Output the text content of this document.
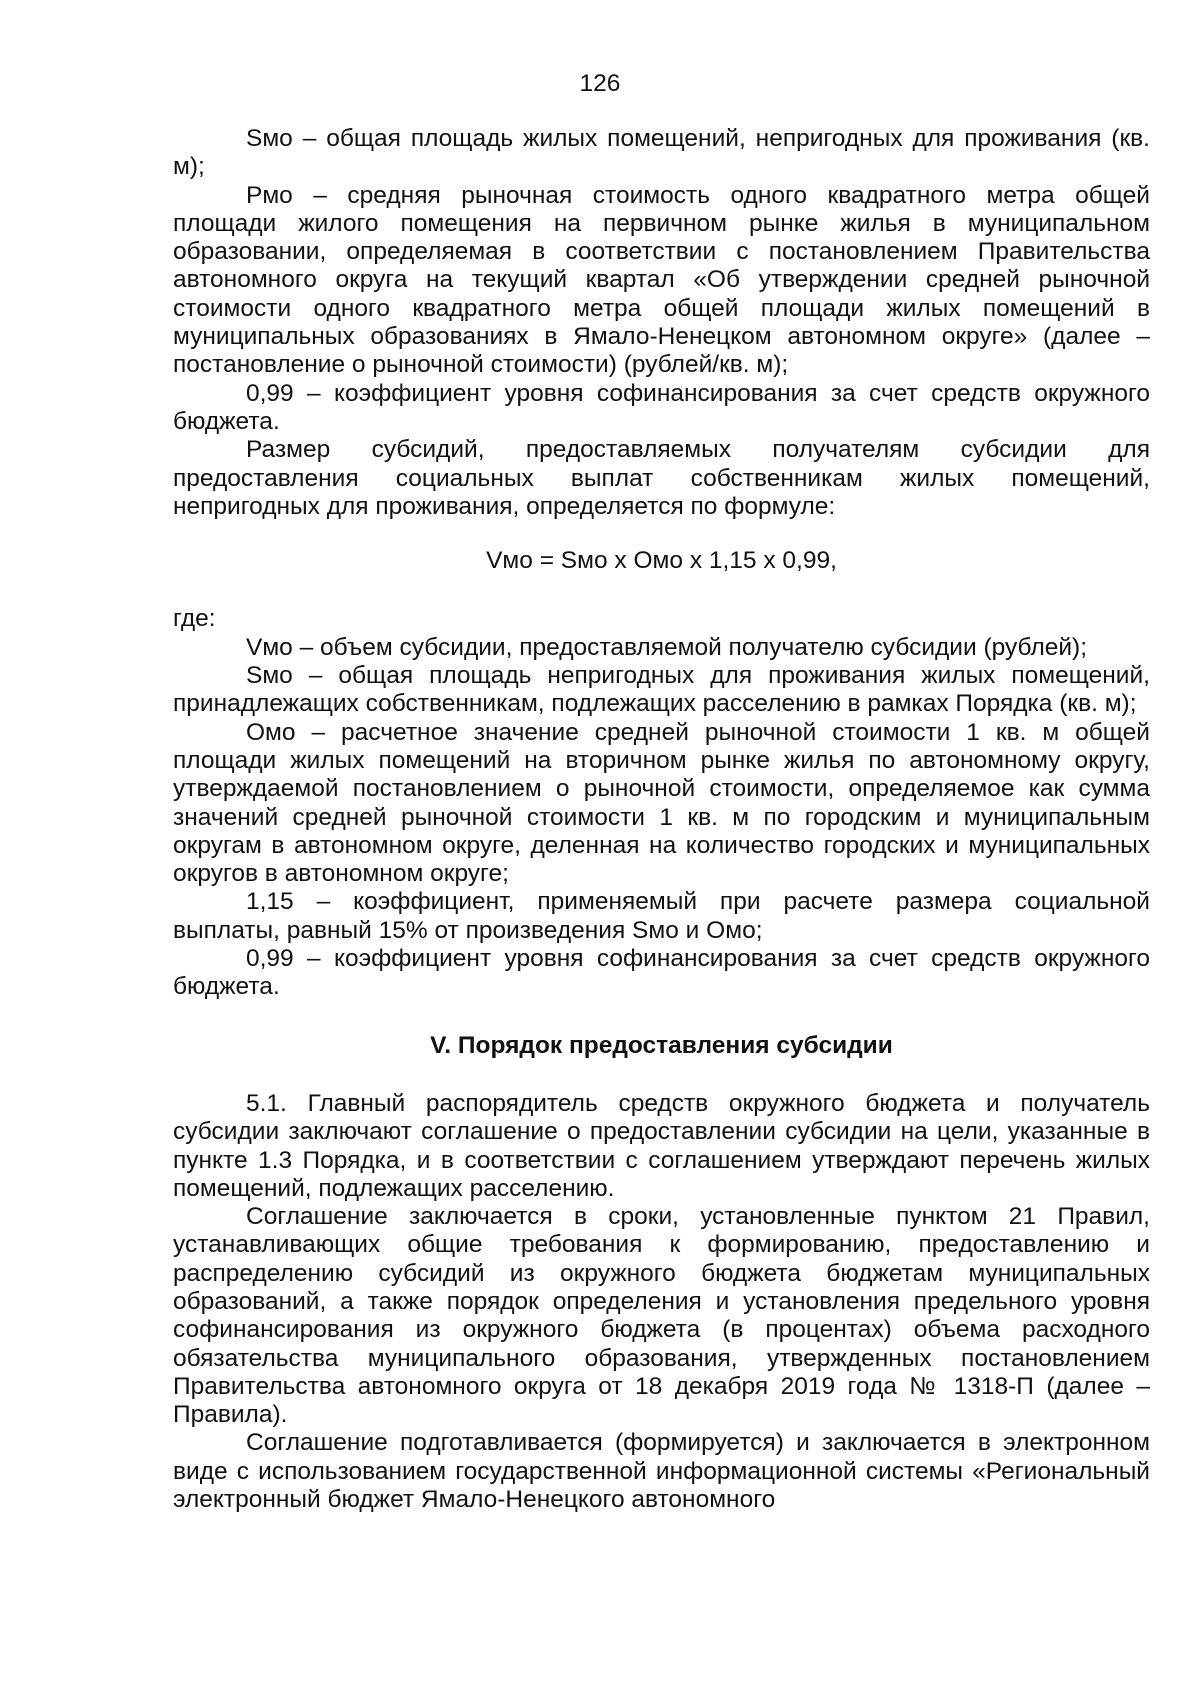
126

Sмо – общая площадь жилых помещений, непригодных для проживания (кв. м);

Pмо – средняя рыночная стоимость одного квадратного метра общей площади жилого помещения на первичном рынке жилья в муниципальном образовании, определяемая в соответствии с постановлением Правительства автономного округа на текущий квартал «Об утверждении средней рыночной стоимости одного квадратного метра общей площади жилых помещений в муниципальных образованиях в Ямало-Ненецком автономном округе» (далее – постановление о рыночной стоимости) (рублей/кв. м);

0,99 – коэффициент уровня софинансирования за счет средств окружного бюджета.

Размер субсидий, предоставляемых получателям субсидии для предоставления социальных выплат собственникам жилых помещений, непригодных для проживания, определяется по формуле:

Vмо = Sмо х Омо х 1,15 х 0,99,

где:

Vмо – объем субсидии, предоставляемой получателю субсидии (рублей);

Sмо – общая площадь непригодных для проживания жилых помещений, принадлежащих собственникам, подлежащих расселению в рамках Порядка (кв. м);

Омо – расчетное значение средней рыночной стоимости 1 кв. м общей площади жилых помещений на вторичном рынке жилья по автономному округу, утверждаемой постановлением о рыночной стоимости, определяемое как сумма значений средней рыночной стоимости 1 кв. м по городским и муниципальным округам в автономном округе, деленная на количество городских и муниципальных округов в автономном округе;

1,15 – коэффициент, применяемый при расчете размера социальной выплаты, равный 15% от произведения Sмо и Омо;

0,99 – коэффициент уровня софинансирования за счет средств окружного бюджета.

V. Порядок предоставления субсидии

5.1. Главный распорядитель средств окружного бюджета и получатель субсидии заключают соглашение о предоставлении субсидии на цели, указанные в пункте 1.3 Порядка, и в соответствии с соглашением утверждают перечень жилых помещений, подлежащих расселению.

Соглашение заключается в сроки, установленные пунктом 21 Правил, устанавливающих общие требования к формированию, предоставлению и распределению субсидий из окружного бюджета бюджетам муниципальных образований, а также порядок определения и установления предельного уровня софинансирования из окружного бюджета (в процентах) объема расходного обязательства муниципального образования, утвержденных постановлением Правительства автономного округа от 18 декабря 2019 года № 1318-П (далее – Правила).

Соглашение подготавливается (формируется) и заключается в электронном виде с использованием государственной информационной системы «Региональный электронный бюджет Ямало-Ненецкого автономного
